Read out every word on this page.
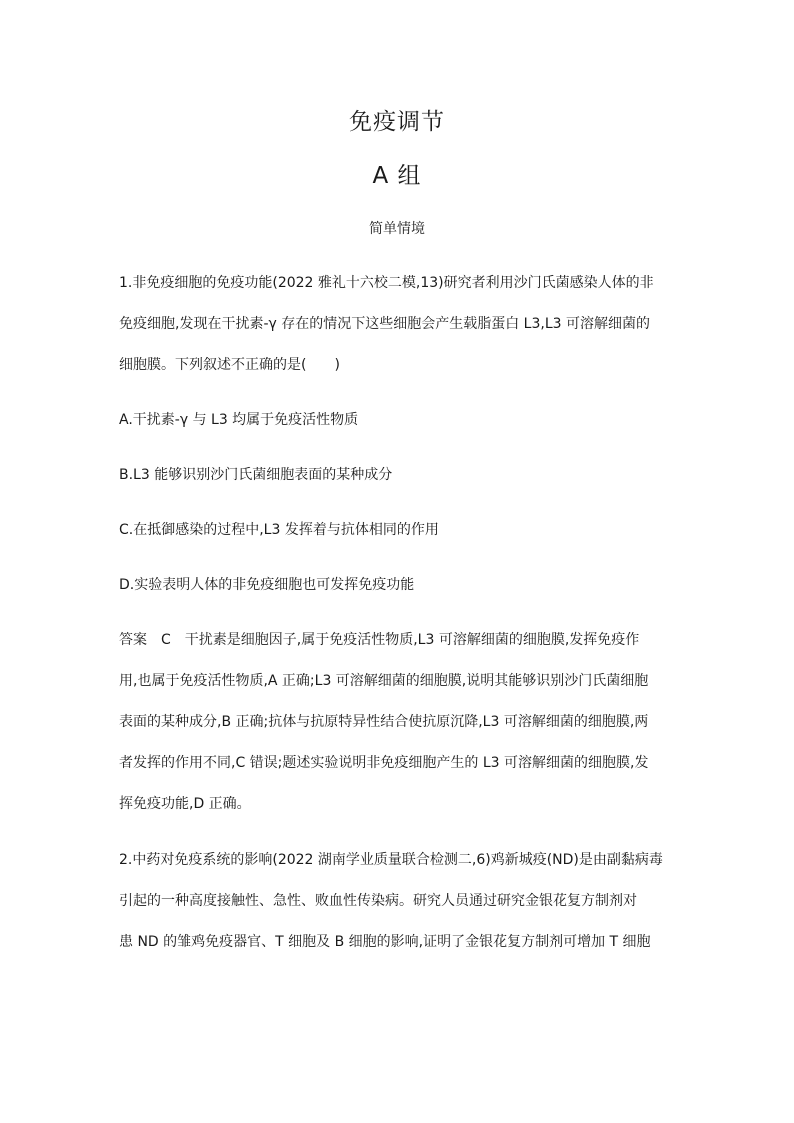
免疫调节
A 组
简单情境
1.非免疫细胞的免疫功能(2022 雅礼十六校二模,13)研究者利用沙门氏菌感染人体的非
免疫细胞,发现在干扰素-γ 存在的情况下这些细胞会产生载脂蛋白 L3,L3 可溶解细菌的
细胞膜。下列叙述不正确的是(　　)
A.干扰素-γ 与 L3 均属于免疫活性物质
B.L3 能够识别沙门氏菌细胞表面的某种成分
C.在抵御感染的过程中,L3 发挥着与抗体相同的作用
D.实验表明人体的非免疫细胞也可发挥免疫功能
答案　C　干扰素是细胞因子,属于免疫活性物质,L3 可溶解细菌的细胞膜,发挥免疫作
用,也属于免疫活性物质,A 正确;L3 可溶解细菌的细胞膜,说明其能够识别沙门氏菌细胞
表面的某种成分,B 正确;抗体与抗原特异性结合使抗原沉降,L3 可溶解细菌的细胞膜,两
者发挥的作用不同,C 错误;题述实验说明非免疫细胞产生的 L3 可溶解细菌的细胞膜,发
挥免疫功能,D 正确。
2.中药对免疫系统的影响(2022 湖南学业质量联合检测二,6)鸡新城疫(ND)是由副黏病毒
引起的一种高度接触性、急性、败血性传染病。研究人员通过研究金银花复方制剂对
患 ND 的雏鸡免疫器官、T 细胞及 B 细胞的影响,证明了金银花复方制剂可增加 T 细胞
